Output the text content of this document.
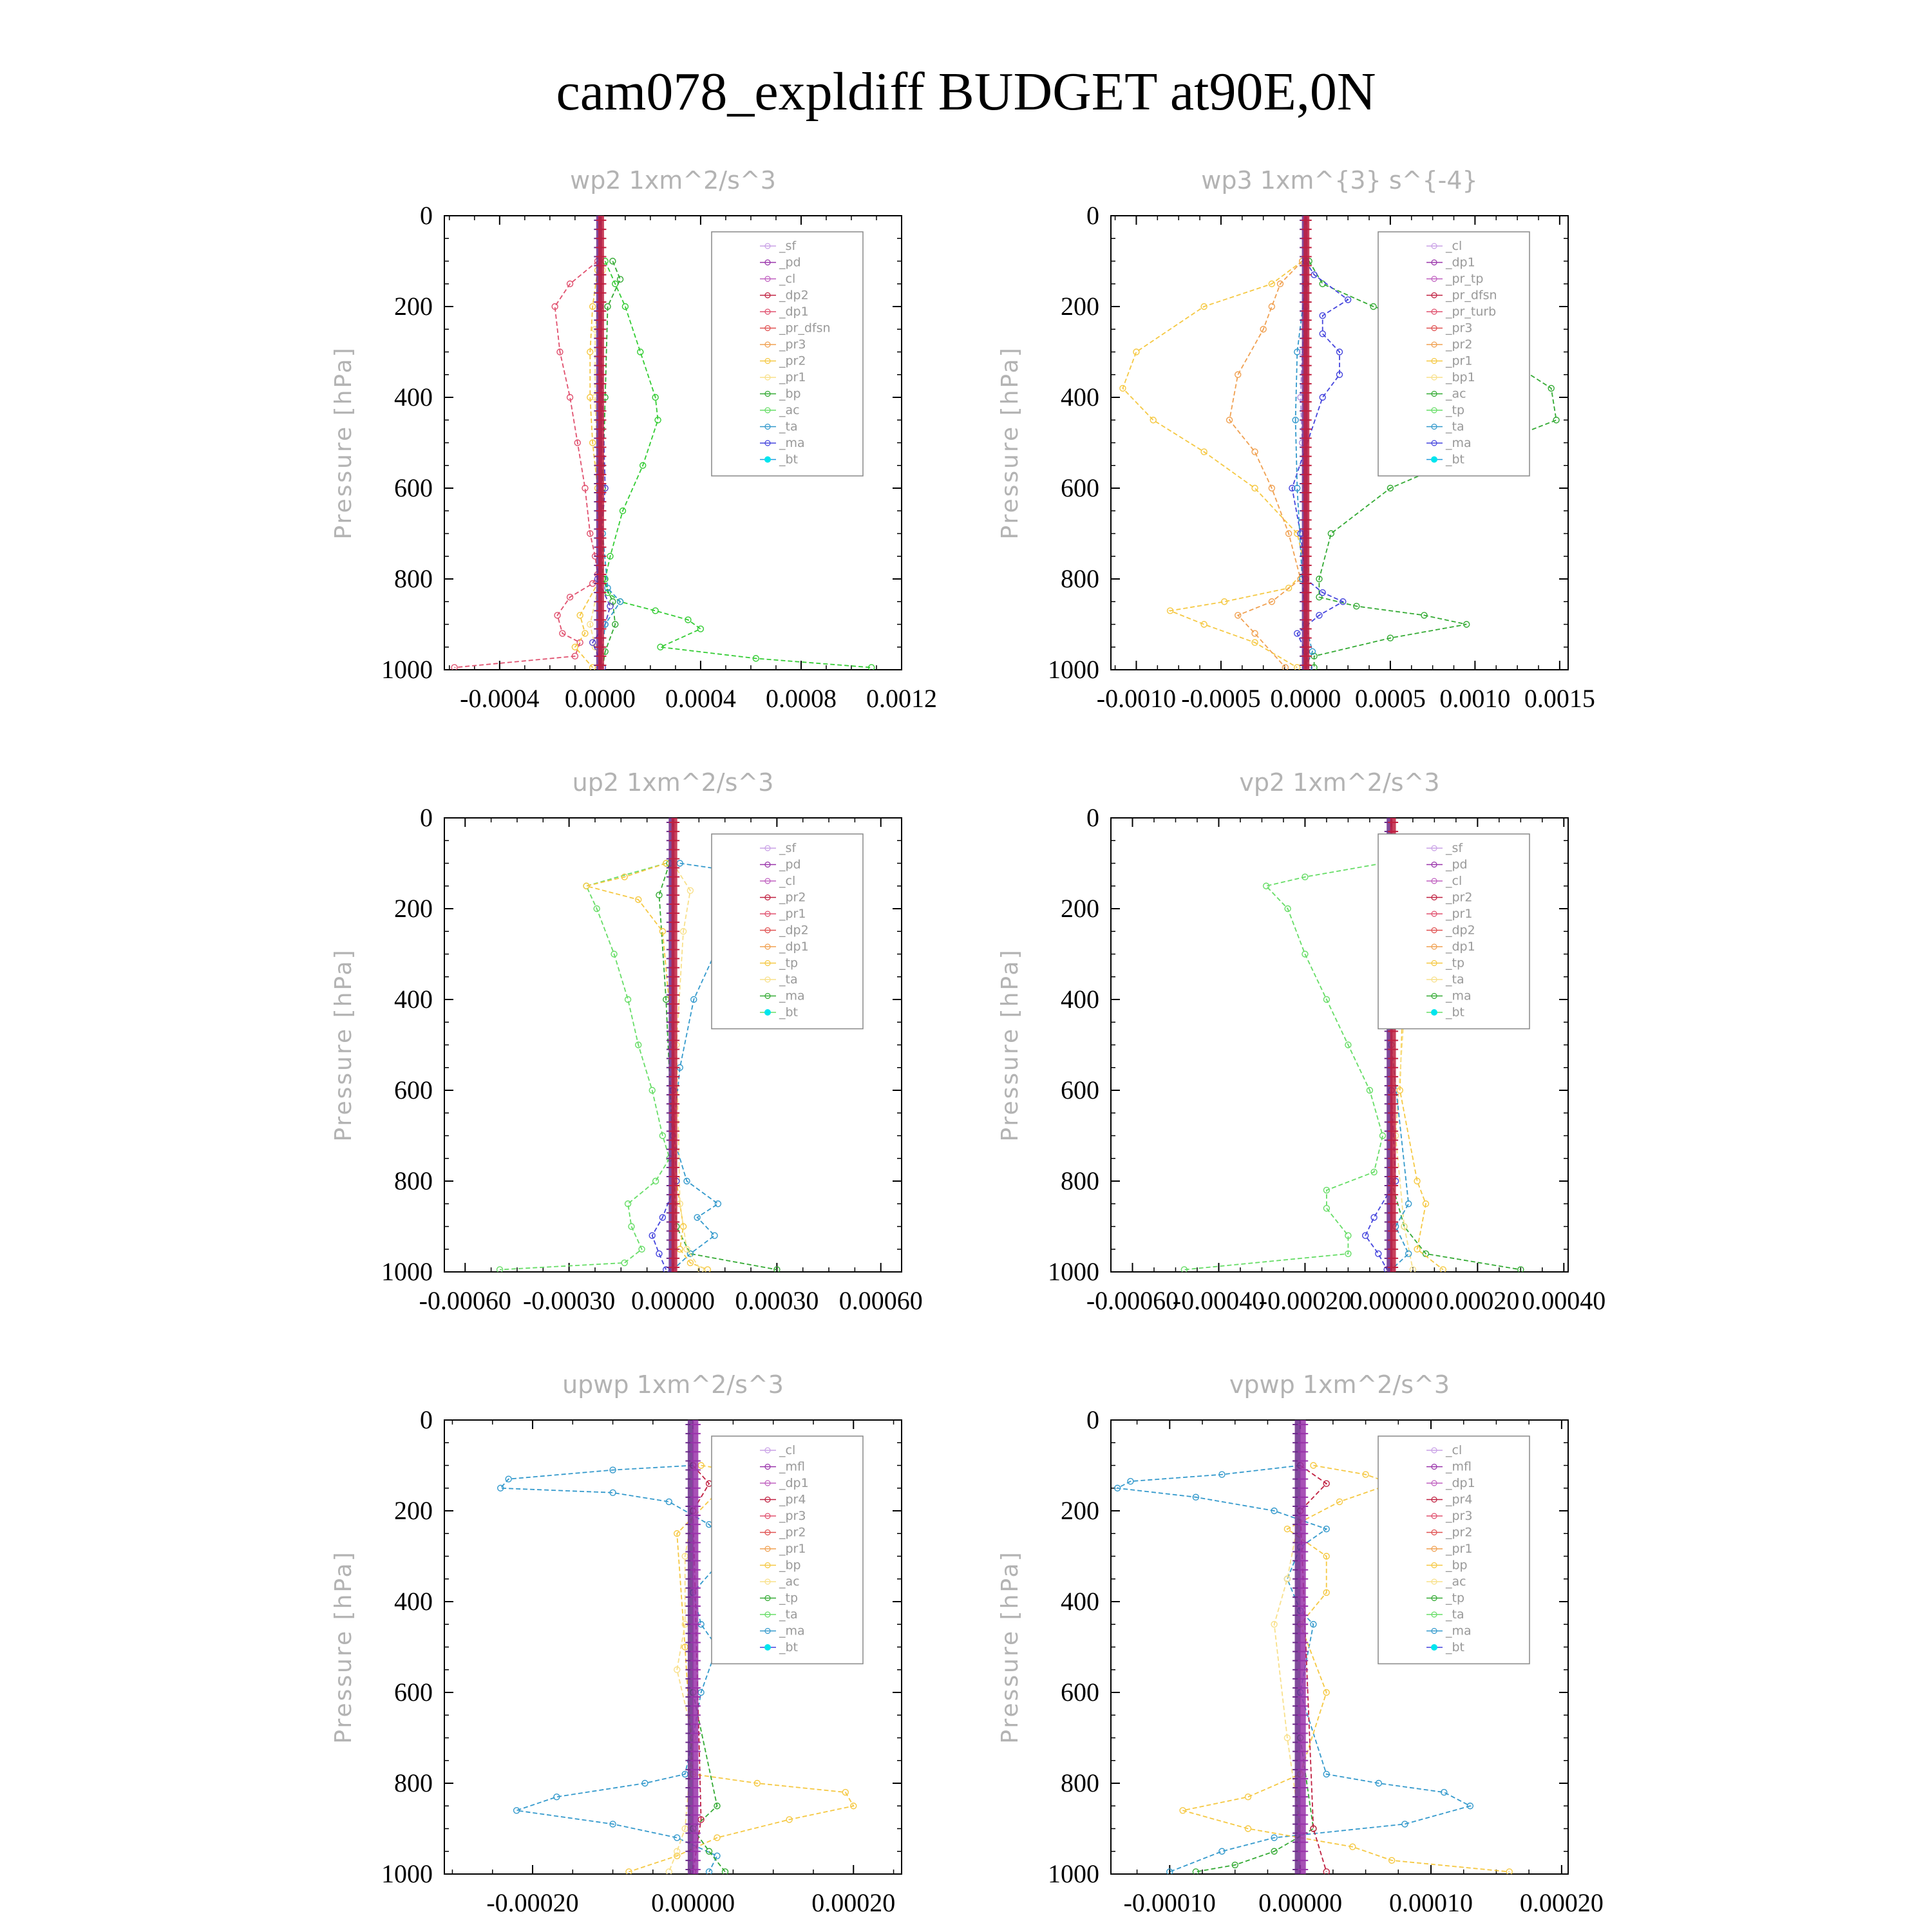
cam078_expldiff BUDGET at90E,0N
wp2 1xm^2/s^3
Pressure [hPa]
0
200
400
600
800
1000
-0.0004 0.0000 0.0004 0.0008 0.0012
_sf
_pd
_cl
_dp2
_dp1
_pr_dfsn
_pr3
_pr2
_pr1
_bp
_ac
_ta
_ma
_bt
wp3 1xm^{3} s^{-4}
Pressure [hPa]
0
200
400
600
800
1000
-0.0010 -0.0005 0.0000 0.0005 0.0010 0.0015
_cl
_dp1
_pr_tp
_pr_dfsn
_pr_turb
_pr3
_pr2
_pr1
_bp1
_ac
_tp
_ta
_ma
_bt
up2 1xm^2/s^3
Pressure [hPa]
0
200
400
600
800
1000
-0.00060 -0.00030 0.00000 0.00030 0.00060
_sf
_pd
_cl
_pr2
_pr1
_dp2
_dp1
_tp
_ta
_ma
_bt
vp2 1xm^2/s^3
Pressure [hPa]
0
200
400
600
800
1000
-0.00060
-0.00040
-0.00020
0.00000 0.00020 0.00040
_sf
_pd
_cl
_pr2
_pr1
_dp2
_dp1
_tp
_ta
_ma
_bt
upwp 1xm^2/s^3
Pressure [hPa]
0
200
400
600
800
1000
-0.00020	0.00000	0.00020
_cl
_mfl
_dp1
_pr4
_pr3
_pr2
_pr1
_bp
_ac
_tp
_ta
_ma
_bt
vpwp 1xm^2/s^3
Pressure [hPa]
0
200
400
600
800
1000
-0.00010 0.00000 0.00010 0.00020
_cl
_mfl
_dp1
_pr4
_pr3
_pr2
_pr1
_bp
_ac
_tp
_ta
_ma
_bt
